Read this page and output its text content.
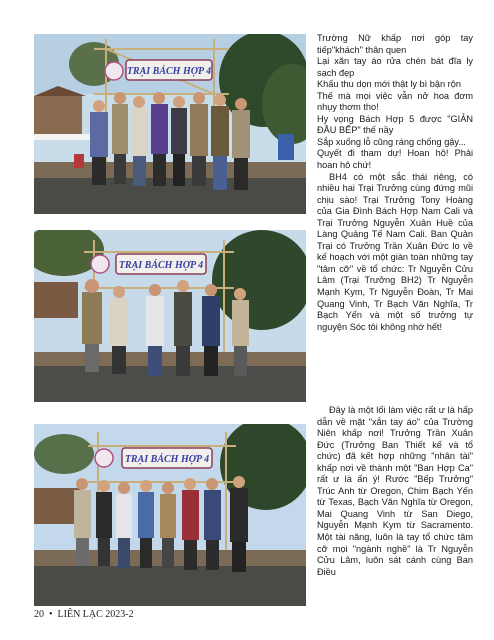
TRẠI BÁCH HỢP 4
TRẠI BÁCH HỢP 4
TRẠI BÁCH HỢP 4

Trường Nữ khấp nơi góp tay tiếp"khách" thân quen

Lại xăn tay áo rửa chén bát đĩa ly sạch đẹp

Khấu thu dọn mới thật ly bì bận rộn

Thế mà mọi việc vẫn nở hoa đơm nhụy thơm tho!

Hy vọng Bách Hợp 5 được "GIẢN ĐẦU BẾP" thế nầy

Sắp xuống lỗ cũng ráng chống gậy...

Quyết đi tham dự! Hoan hô! Phải hoan hô chứ!

BH4 có một sắc thái riêng, có nhiều hai Trại Trưởng cùng đứng mũi chịu sào! Trại Trưởng Tony Hoàng của Gia Đình Bách Hợp Nam Cali và Trại Trưởng Nguyễn Xuân Huề của Làng Quảng Tế Nam Cali. Ban Quản Trại có Trưởng Trần Xuân Đức lo về kế hoạch với một giàn toàn những tay "tâm cỡ" về tổ chức: Tr Nguyễn Cửu Lâm (Trại Trưởng BH2) Tr Nguyễn Mạnh Kym, Tr Nguyễn Đoàn, Tr Mai Quang Vinh, Tr Bạch Văn Nghĩa, Tr Bạch Yến và một số trưởng tự nguyện Sóc tôi không nhớ hết!

Đây là một lối làm việc rất ư là hấp dẫn về mặt "xắn tay áo" của Trường Niên khấp nơi! Trưởng Trần Xuân Đức (Trưởng Ban Thiết kế và tổ chức) đã kết hợp những "nhân tài" khấp nơi về thành một "Ban Hợp Ca" rất ư là ấn ý! Rước "Bếp Trưởng" Trúc Anh từ Oregon, Chim Bạch Yến từ Texas, Bạch Văn Nghĩa từ Oregon, Mai Quang Vinh từ San Diego, Nguyễn Mạnh Kym từ Sacramento. Một tài năng, luôn là tay tổ chức tâm cỡ mọi "ngành nghề" là Tr Nguyễn Cửu Lâm, luôn sát cánh cùng Ban Điều

20 • LIÊN LẠC 2023-2
